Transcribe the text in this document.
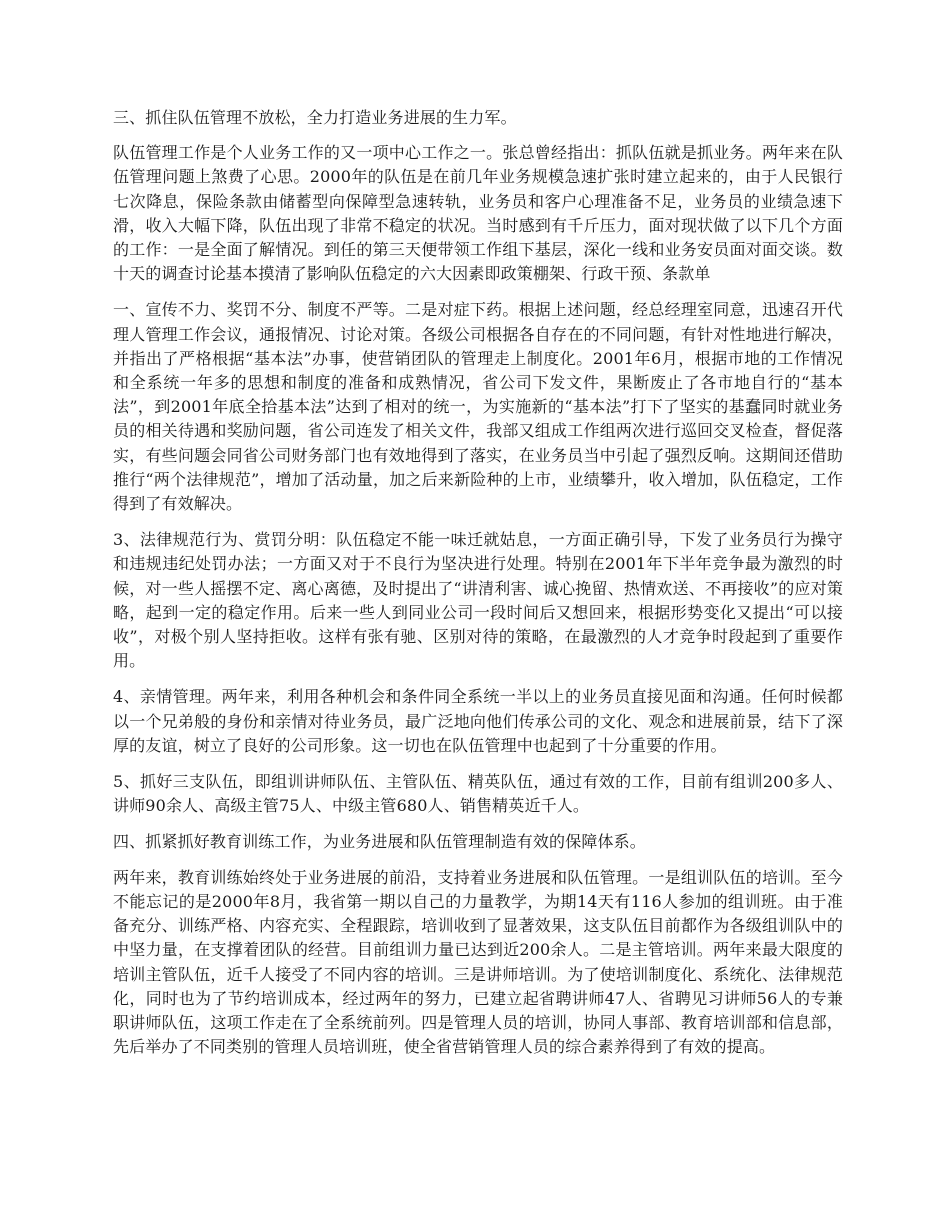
三、抓住队伍管理不放松，全力打造业务进展的生力军。

队伍管理工作是个人业务工作的又一项中心工作之一。张总曾经指出：抓队伍就是抓业务。两年来在队伍管理问题上煞费了心思。2000年的队伍是在前几年业务规模急速扩张时建立起来的，由于人民银行七次降息，保险条款由储蓄型向保障型急速转轨，业务员和客户心理准备不足，业务员的业绩急速下滑，收入大幅下降，队伍出现了非常不稳定的状况。当时感到有千斤压力，面对现状做了以下几个方面的工作：一是全面了解情况。到任的第三天便带领工作组下基层，深化一线和业务安员面对面交谈。数十天的调查讨论基本摸清了影响队伍稳定的六大因素即政策棚架、行政干预、条款单

一、宣传不力、奖罚不分、制度不严等。二是对症下药。根据上述问题，经总经理室同意，迅速召开代理人管理工作会议，通报情况、讨论对策。各级公司根据各自存在的不同问题，有针对性地进行解决，并指出了严格根据“基本法”办事，使营销团队的管理走上制度化。2001年6月，根据市地的工作情况和全系统一年多的思想和制度的准备和成熟情况，省公司下发文件，果断废止了各市地自行的“基本法”，到2001年底全拾基本法”达到了相对的统一，为实施新的“基本法”打下了坚实的基蠢同时就业务员的相关待遇和奖励问题，省公司连发了相关文件，我部又组成工作组两次进行巡回交叉检查，督促落实，有些问题会同省公司财务部门也有效地得到了落实，在业务员当中引起了强烈反响。这期间还借助推行“两个法律规范”，增加了活动量，加之后来新险种的上市，业绩攀升，收入增加，队伍稳定，工作得到了有效解决。

3、法律规范行为、赏罚分明：队伍稳定不能一味迁就姑息，一方面正确引导，下发了业务员行为操守和违规违纪处罚办法；一方面又对于不良行为坚决进行处理。特别在2001年下半年竞争最为激烈的时候，对一些人摇摆不定、离心离德，及时提出了“讲清利害、诚心挽留、热情欢送、不再接收”的应对策略，起到一定的稳定作用。后来一些人到同业公司一段时间后又想回来，根据形势变化又提出“可以接收”，对极个别人坚持拒收。这样有张有驰、区别对待的策略，在最激烈的人才竞争时段起到了重要作用。

4、亲情管理。两年来，利用各种机会和条件同全系统一半以上的业务员直接见面和沟通。任何时候都以一个兄弟般的身份和亲情对待业务员，最广泛地向他们传承公司的文化、观念和进展前景，结下了深厚的友谊，树立了良好的公司形象。这一切也在队伍管理中也起到了十分重要的作用。

5、抓好三支队伍，即组训讲师队伍、主管队伍、精英队伍，通过有效的工作，目前有组训200多人、讲师90余人、高级主管75人、中级主管680人、销售精英近千人。

四、抓紧抓好教育训练工作，为业务进展和队伍管理制造有效的保障体系。

两年来，教育训练始终处于业务进展的前沿，支持着业务进展和队伍管理。一是组训队伍的培训。至今不能忘记的是2000年8月，我省第一期以自己的力量教学，为期14天有116人参加的组训班。由于准备充分、训练严格、内容充实、全程跟踪，培训收到了显著效果，这支队伍目前都作为各级组训队中的中坚力量，在支撑着团队的经营。目前组训力量已达到近200余人。二是主管培训。两年来最大限度的培训主管队伍，近千人接受了不同内容的培训。三是讲师培训。为了使培训制度化、系统化、法律规范化，同时也为了节约培训成本，经过两年的努力，已建立起省聘讲师47人、省聘见习讲师56人的专兼职讲师队伍，这项工作走在了全系统前列。四是管理人员的培训，协同人事部、教育培训部和信息部，先后举办了不同类别的管理人员培训班，使全省营销管理人员的综合素养得到了有效的提高。
